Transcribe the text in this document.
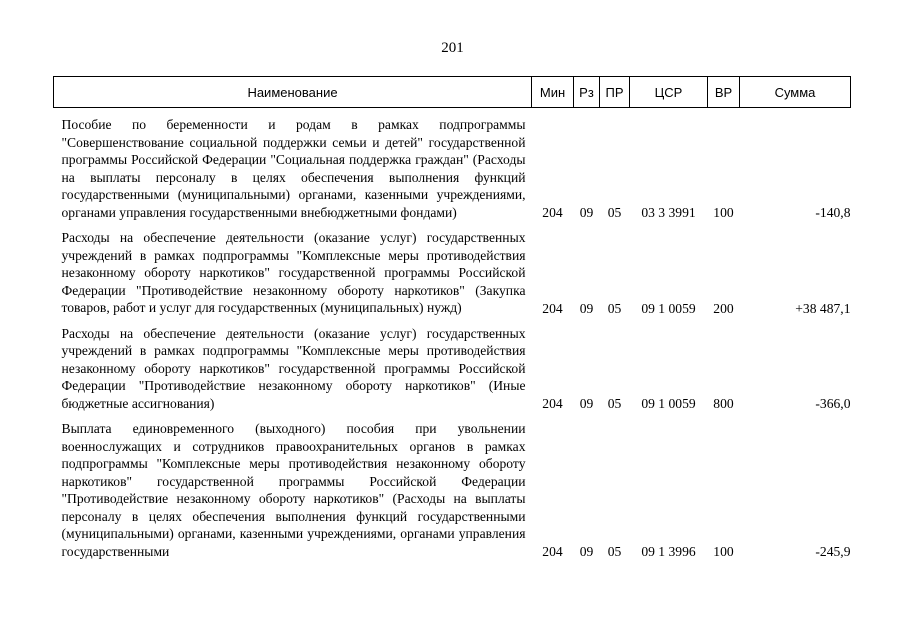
201
Наименование	Мин	Рз	ПР	ЦСР	ВР	Сумма

Пособие по беременности и родам в рамках подпрограммы "Совершенствование социальной поддержки семьи и детей" государственной программы Российской Федерации "Социальная поддержка граждан" (Расходы на выплаты персоналу в целях обеспечения выполнения функций государственными (муниципальными) органами, казенными учреждениями, органами управления государственными внебюджетными фондами)	204	09	05	03 3 3991	100	-140,8

Расходы на обеспечение деятельности (оказание услуг) государственных учреждений в рамках подпрограммы "Комплексные меры противодействия незаконному обороту наркотиков" государственной программы Российской Федерации "Противодействие незаконному обороту наркотиков" (Закупка товаров, работ и услуг для государственных (муниципальных) нужд)	204	09	05	09 1 0059	200	+38 487,1

Расходы на обеспечение деятельности (оказание услуг) государственных учреждений в рамках подпрограммы "Комплексные меры противодействия незаконному обороту наркотиков" государственной программы Российской Федерации "Противодействие незаконному обороту наркотиков" (Иные бюджетные ассигнования)	204	09	05	09 1 0059	800	-366,0

Выплата единовременного (выходного) пособия при увольнении военнослужащих и сотрудников правоохранительных органов в рамках подпрограммы "Комплексные меры противодействия незаконному обороту наркотиков" государственной программы Российской Федерации "Противодействие незаконному обороту наркотиков" (Расходы на выплаты персоналу в целях обеспечения выполнения функций государственными (муниципальными) органами, казенными учреждениями, органами управления государственными	204	09	05	09 1 3996	100	-245,9
